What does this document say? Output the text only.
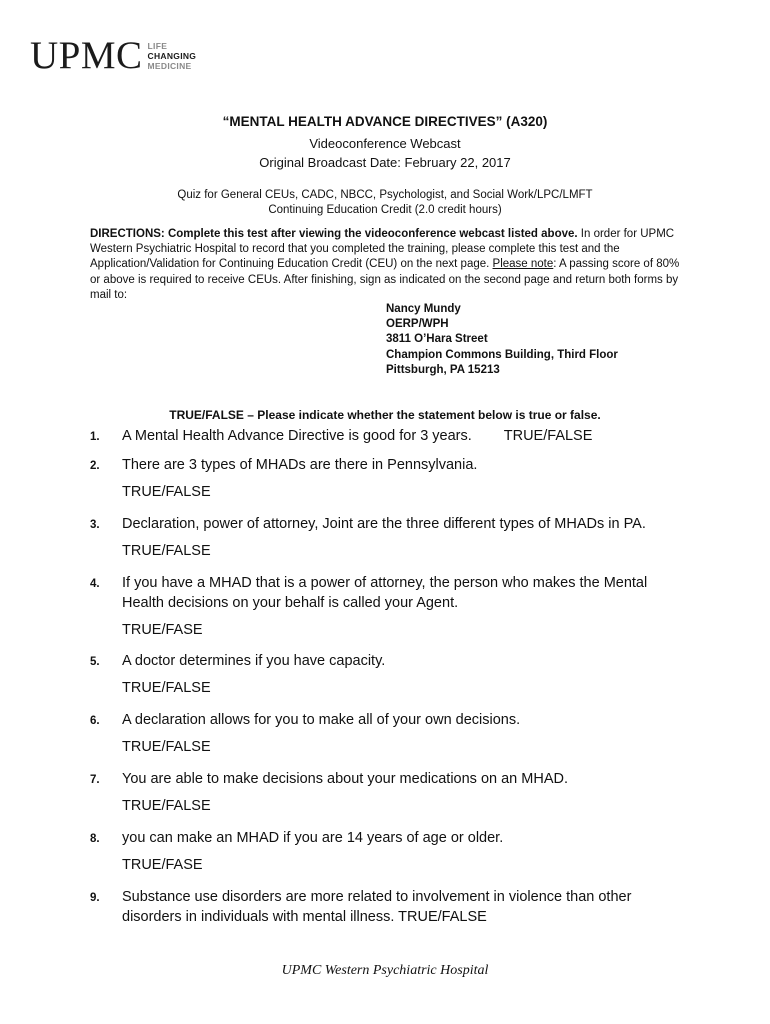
UPMC LIFE
CHANGING
MEDICINE
“MENTAL HEALTH ADVANCE DIRECTIVES” (A320)
Videoconference Webcast
Original Broadcast Date: February 22, 2017
Quiz for General CEUs, CADC, NBCC, Psychologist, and Social Work/LPC/LMFT
Continuing Education Credit (2.0 credit hours)
DIRECTIONS: Complete this test after viewing the videoconference webcast listed above. In order for UPMC Western Psychiatric Hospital to record that you completed the training, please complete this test and the Application/Validation for Continuing Education Credit (CEU) on the next page. Please note: A passing score of 80% or above is required to receive CEUs. After finishing, sign as indicated on the second page and return both forms by mail to:
Nancy Mundy
OERP/WPH
3811 O’Hara Street
Champion Commons Building, Third Floor
Pittsburgh, PA 15213
TRUE/FALSE – Please indicate whether the statement below is true or false.
1. A Mental Health Advance Directive is good for 3 years.        TRUE/FALSE
2. There are 3 types of MHADs are there in Pennsylvania.
TRUE/FALSE
3. Declaration, power of attorney, Joint are the three different types of MHADs in PA.
TRUE/FALSE
4. If you have a MHAD that is a power of attorney, the person who makes the Mental Health decisions on your behalf is called your Agent.
TRUE/FASE
5. A doctor determines if you have capacity.
TRUE/FALSE
6. A declaration allows for you to make all of your own decisions.
TRUE/FALSE
7. You are able to make decisions about your medications on an MHAD.
TRUE/FALSE
8. you can make an MHAD if you are 14 years of age or older.
TRUE/FASE
9. Substance use disorders are more related to involvement in violence than other disorders in individuals with mental illness. TRUE/FALSE
UPMC Western Psychiatric Hospital
